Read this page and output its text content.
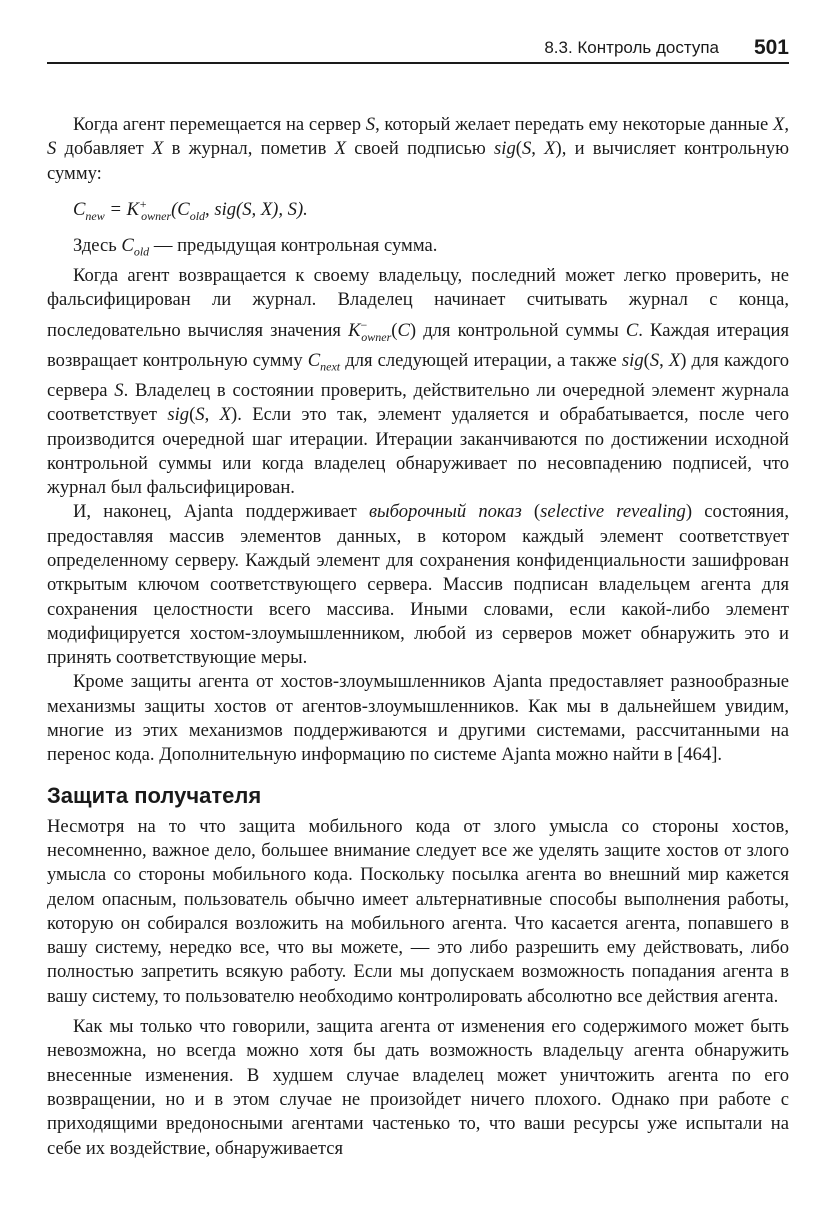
8.3. Контроль доступа 501

Когда агент перемещается на сервер S, который желает передать ему некоторые данные X, S добавляет X в журнал, пометив X своей подписью sig(S, X), и вычисляет контрольную сумму:

$C_{new} = K^+_{owner}(C_{old}$, sig(S, X), S).

Здесь $C_{old}$ — предыдущая контрольная сумма.

Когда агент возвращается к своему владельцу, последний может легко проверить, не фальсифицирован ли журнал. Владелец начинает считывать журнал с конца, последовательно вычисляя значения $K^-_{owner}(C)$ для контрольной суммы C. Каждая итерация возвращает контрольную сумму $C_{next}$ для следующей итерации, а также sig(S, X) для каждого сервера S. Владелец в состоянии проверить, действительно ли очередной элемент журнала соответствует sig(S, X). Если это так, элемент удаляется и обрабатывается, после чего производится очередной шаг итерации. Итерации заканчиваются по достижении исходной контрольной суммы или когда владелец обнаруживает по несовпадению подписей, что журнал был фальсифицирован.

И, наконец, Ajanta поддерживает выборочный показ (selective revealing) состояния, предоставляя массив элементов данных, в котором каждый элемент соответствует определенному серверу. Каждый элемент для сохранения конфиденциальности зашифрован открытым ключом соответствующего сервера. Массив подписан владельцем агента для сохранения целостности всего массива. Иными словами, если какой-либо элемент модифицируется хостом-злоумышленником, любой из серверов может обнаружить это и принять соответствующие меры.

Кроме защиты агента от хостов-злоумышленников Ajanta предоставляет разнообразные механизмы защиты хостов от агентов-злоумышленников. Как мы в дальнейшем увидим, многие из этих механизмов поддерживаются и другими системами, рассчитанными на перенос кода. Дополнительную информацию по системе Ajanta можно найти в [464].

Защита получателя

Несмотря на то что защита мобильного кода от злого умысла со стороны хостов, несомненно, важное дело, большее внимание следует все же уделять защите хостов от злого умысла со стороны мобильного кода. Поскольку посылка агента во внешний мир кажется делом опасным, пользователь обычно имеет альтернативные способы выполнения работы, которую он собирался возложить на мобильного агента. Что касается агента, попавшего в вашу систему, нередко все, что вы можете, — это либо разрешить ему действовать, либо полностью запретить всякую работу. Если мы допускаем возможность попадания агента в вашу систему, то пользователю необходимо контролировать абсолютно все действия агента.

Как мы только что говорили, защита агента от изменения его содержимого может быть невозможна, но всегда можно хотя бы дать возможность владельцу агента обнаружить внесенные изменения. В худшем случае владелец может уничтожить агента по его возвращении, но и в этом случае не произойдет ничего плохого. Однако при работе с приходящими вредоносными агентами частенько то, что ваши ресурсы уже испытали на себе их воздействие, обнаруживается
